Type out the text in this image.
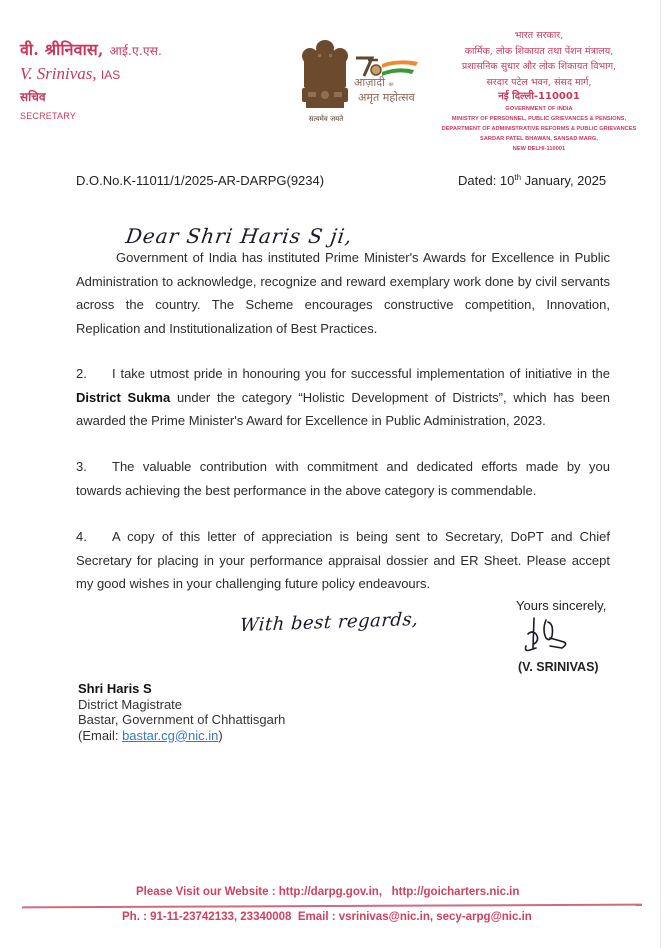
वी. श्रीनिवास, आई.ए.एस.
V. Srinivas, IAS
सचिव
SECRETARY	सत्यमेव जयते
आज़ादी का
अमृत महोत्सव
भारत सरकार,
कार्मिक, लोक शिकायत तथा पेंशन मंत्रालय,
प्रशासनिक सुधार और लोक शिकायत विभाग,
सरदार पटेल भवन, संसद मार्ग,
नई दिल्ली-110001
GOVERNMENT OF INDIA
MINISTRY OF PERSONNEL, PUBLIC GRIEVANCES & PENSIONS,
DEPARTMENT OF ADMINISTRATIVE REFORMS & PUBLIC GRIEVANCES
SARDAR PATEL BHAWAN, SANSAD MARG,
NEW DELHI-110001
D.O.No.K-11011/1/2025-AR-DARPG(9234)	Dated: 10th January, 2025
Dear Shri Haris S ji,
Government of India has instituted Prime Minister's Awards for Excellence in Public Administration to acknowledge, recognize and reward exemplary work done by civil servants across the country. The Scheme encourages constructive competition, Innovation, Replication and Institutionalization of Best Practices.
2. I take utmost pride in honouring you for successful implementation of initiative in the District Sukma under the category “Holistic Development of Districts”, which has been awarded the Prime Minister's Award for Excellence in Public Administration, 2023.
3. The valuable contribution with commitment and dedicated efforts made by you towards achieving the best performance in the above category is commendable.
4. A copy of this letter of appreciation is being sent to Secretary, DoPT and Chief Secretary for placing in your performance appraisal dossier and ER Sheet. Please accept my good wishes in your challenging future policy endeavours.
Yours sincerely,
With best regards,
(V. SRINIVAS)
Shri Haris S
District Magistrate
Bastar, Government of Chhattisgarh
(Email: bastar.cg@nic.in)
Please Visit our Website : http://darpg.gov.in,   http://goicharters.nic.in
Ph. : 91-11-23742133, 23340008  Email : vsrinivas@nic.in, secy-arpg@nic.in
